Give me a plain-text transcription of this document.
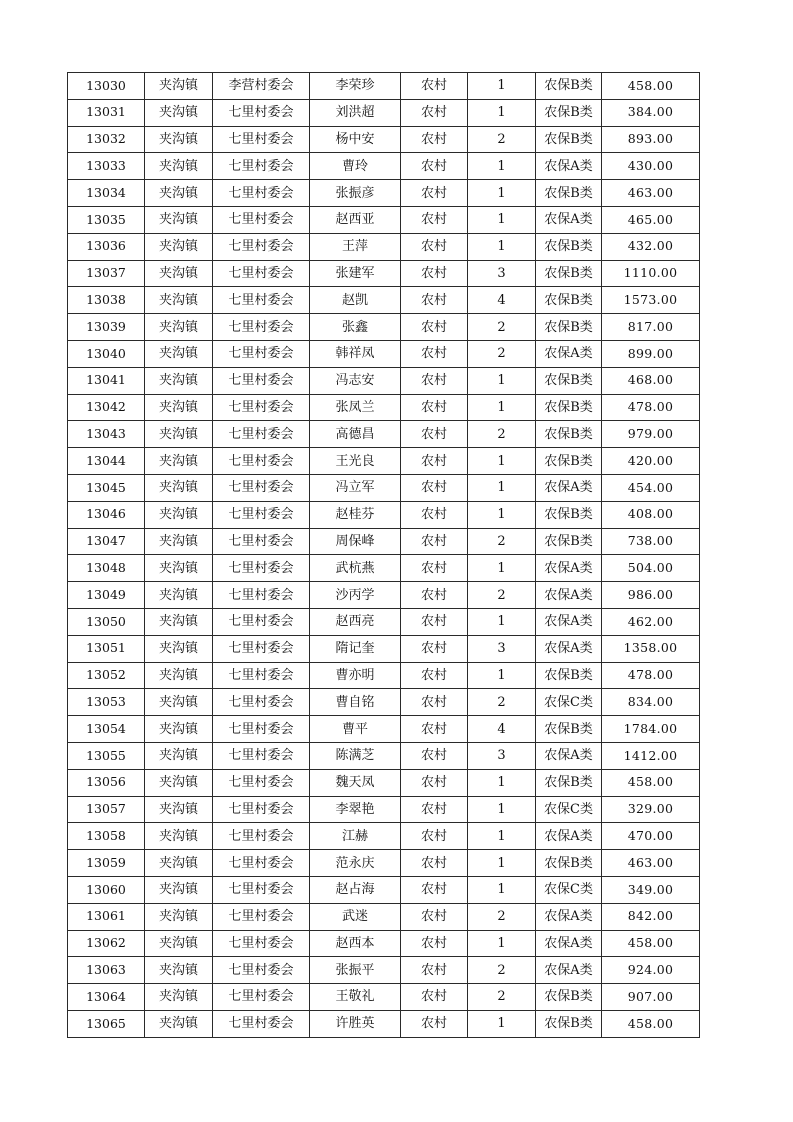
13030	夹沟镇	李营村委会	李荣珍	农村	1	农保B类	458.00
13031	夹沟镇	七里村委会	刘洪超	农村	1	农保B类	384.00
13032	夹沟镇	七里村委会	杨中安	农村	2	农保B类	893.00
13033	夹沟镇	七里村委会	曹玲	农村	1	农保A类	430.00
13034	夹沟镇	七里村委会	张振彦	农村	1	农保B类	463.00
13035	夹沟镇	七里村委会	赵西亚	农村	1	农保A类	465.00
13036	夹沟镇	七里村委会	王萍	农村	1	农保B类	432.00
13037	夹沟镇	七里村委会	张建军	农村	3	农保B类	1110.00
13038	夹沟镇	七里村委会	赵凯	农村	4	农保B类	1573.00
13039	夹沟镇	七里村委会	张鑫	农村	2	农保B类	817.00
13040	夹沟镇	七里村委会	韩祥凤	农村	2	农保A类	899.00
13041	夹沟镇	七里村委会	冯志安	农村	1	农保B类	468.00
13042	夹沟镇	七里村委会	张凤兰	农村	1	农保B类	478.00
13043	夹沟镇	七里村委会	高德昌	农村	2	农保B类	979.00
13044	夹沟镇	七里村委会	王光良	农村	1	农保B类	420.00
13045	夹沟镇	七里村委会	冯立军	农村	1	农保A类	454.00
13046	夹沟镇	七里村委会	赵桂芬	农村	1	农保B类	408.00
13047	夹沟镇	七里村委会	周保峰	农村	2	农保B类	738.00
13048	夹沟镇	七里村委会	武杭燕	农村	1	农保A类	504.00
13049	夹沟镇	七里村委会	沙丙学	农村	2	农保A类	986.00
13050	夹沟镇	七里村委会	赵西亮	农村	1	农保A类	462.00
13051	夹沟镇	七里村委会	隋记奎	农村	3	农保A类	1358.00
13052	夹沟镇	七里村委会	曹亦明	农村	1	农保B类	478.00
13053	夹沟镇	七里村委会	曹自铭	农村	2	农保C类	834.00
13054	夹沟镇	七里村委会	曹平	农村	4	农保B类	1784.00
13055	夹沟镇	七里村委会	陈满芝	农村	3	农保A类	1412.00
13056	夹沟镇	七里村委会	魏天凤	农村	1	农保B类	458.00
13057	夹沟镇	七里村委会	李翠艳	农村	1	农保C类	329.00
13058	夹沟镇	七里村委会	江赫	农村	1	农保A类	470.00
13059	夹沟镇	七里村委会	范永庆	农村	1	农保B类	463.00
13060	夹沟镇	七里村委会	赵占海	农村	1	农保C类	349.00
13061	夹沟镇	七里村委会	武迷	农村	2	农保A类	842.00
13062	夹沟镇	七里村委会	赵西本	农村	1	农保A类	458.00
13063	夹沟镇	七里村委会	张振平	农村	2	农保A类	924.00
13064	夹沟镇	七里村委会	王敬礼	农村	2	农保B类	907.00
13065	夹沟镇	七里村委会	许胜英	农村	1	农保B类	458.00
